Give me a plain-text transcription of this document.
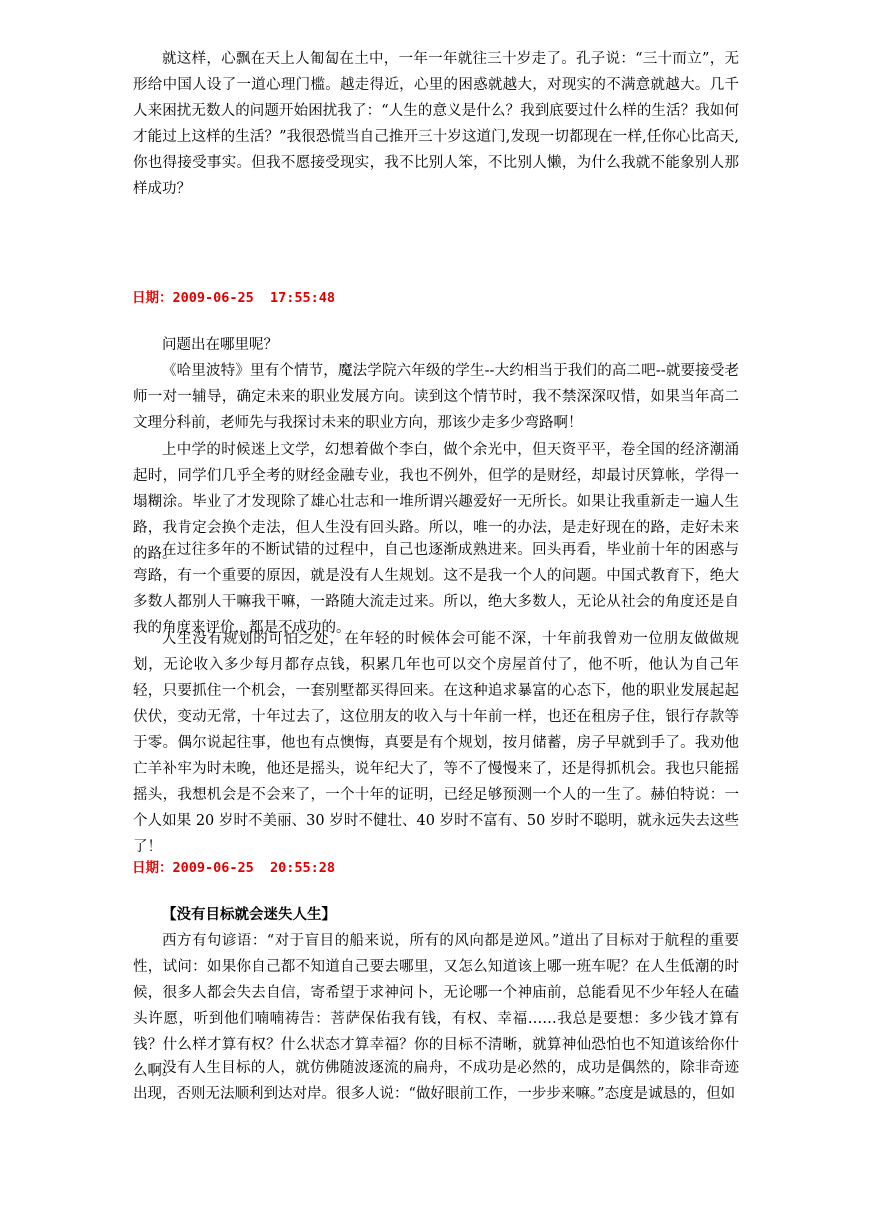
就这样，心飘在天上人匍匐在土中，一年一年就往三十岁走了。孔子说：“三十而立”，无形给中国人设了一道心理门槛。越走得近，心里的困惑就越大，对现实的不满意就越大。几千人来困扰无数人的问题开始困扰我了：“人生的意义是什么？我到底要过什么样的生活？我如何才能过上这样的生活？”我很恐慌当自己推开三十岁这道门,发现一切都现在一样,任你心比高天,你也得接受事实。但我不愿接受现实，我不比别人笨，不比别人懒，为什么我就不能象别人那样成功？

日期：2009-06-25  17:55:48

问题出在哪里呢？

《哈里波特》里有个情节，魔法学院六年级的学生--大约相当于我们的高二吧--就要接受老师一对一辅导，确定未来的职业发展方向。读到这个情节时，我不禁深深叹惜，如果当年高二文理分科前，老师先与我探讨未来的职业方向，那该少走多少弯路啊！

上中学的时候迷上文学，幻想着做个李白，做个余光中，但天资平平，卷全国的经济潮涌起时，同学们几乎全考的财经金融专业，我也不例外，但学的是财经，却最讨厌算帐，学得一塌糊涂。毕业了才发现除了雄心壮志和一堆所谓兴趣爱好一无所长。如果让我重新走一遍人生路，我肯定会换个走法，但人生没有回头路。所以，唯一的办法，是走好现在的路，走好未来的路。

在过往多年的不断试错的过程中，自己也逐渐成熟进来。回头再看，毕业前十年的困惑与弯路，有一个重要的原因，就是没有人生规划。这不是我一个人的问题。中国式教育下，绝大多数人都别人干嘛我干嘛，一路随大流走过来。所以，绝大多数人，无论从社会的角度还是自我的角度来评价，都是不成功的。

人生没有规划的可怕之处，在年轻的时候体会可能不深，十年前我曾劝一位朋友做做规划，无论收入多少每月都存点钱，积累几年也可以交个房屋首付了，他不听，他认为自己年轻，只要抓住一个机会，一套别墅都买得回来。在这种追求暴富的心态下，他的职业发展起起伏伏，变动无常，十年过去了，这位朋友的收入与十年前一样，也还在租房子住，银行存款等于零。偶尔说起往事，他也有点懊悔，真要是有个规划，按月储蓄，房子早就到手了。我劝他亡羊补牢为时未晚，他还是摇头，说年纪大了，等不了慢慢来了，还是得抓机会。我也只能摇摇头，我想机会是不会来了，一个十年的证明，已经足够预测一个人的一生了。赫伯特说：一个人如果 20 岁时不美丽、30 岁时不健壮、40 岁时不富有、50 岁时不聪明，就永远失去这些了！

日期：2009-06-25  20:55:28

【没有目标就会迷失人生】

西方有句谚语：“对于盲目的船来说，所有的风向都是逆风。”道出了目标对于航程的重要性，试问：如果你自己都不知道自己要去哪里，又怎么知道该上哪一班车呢？在人生低潮的时候，很多人都会失去自信，寄希望于求神问卜，无论哪一个神庙前，总能看见不少年轻人在磕头许愿，听到他们喃喃祷告：菩萨保佑我有钱，有权、幸福……我总是要想：多少钱才算有钱？什么样才算有权？什么状态才算幸福？你的目标不清晰，就算神仙恐怕也不知道该给你什么啊。

没有人生目标的人，就仿佛随波逐流的扁舟，不成功是必然的，成功是偶然的，除非奇迹出现，否则无法顺利到达对岸。很多人说：“做好眼前工作，一步步来嘛。”态度是诚恳的，但如
